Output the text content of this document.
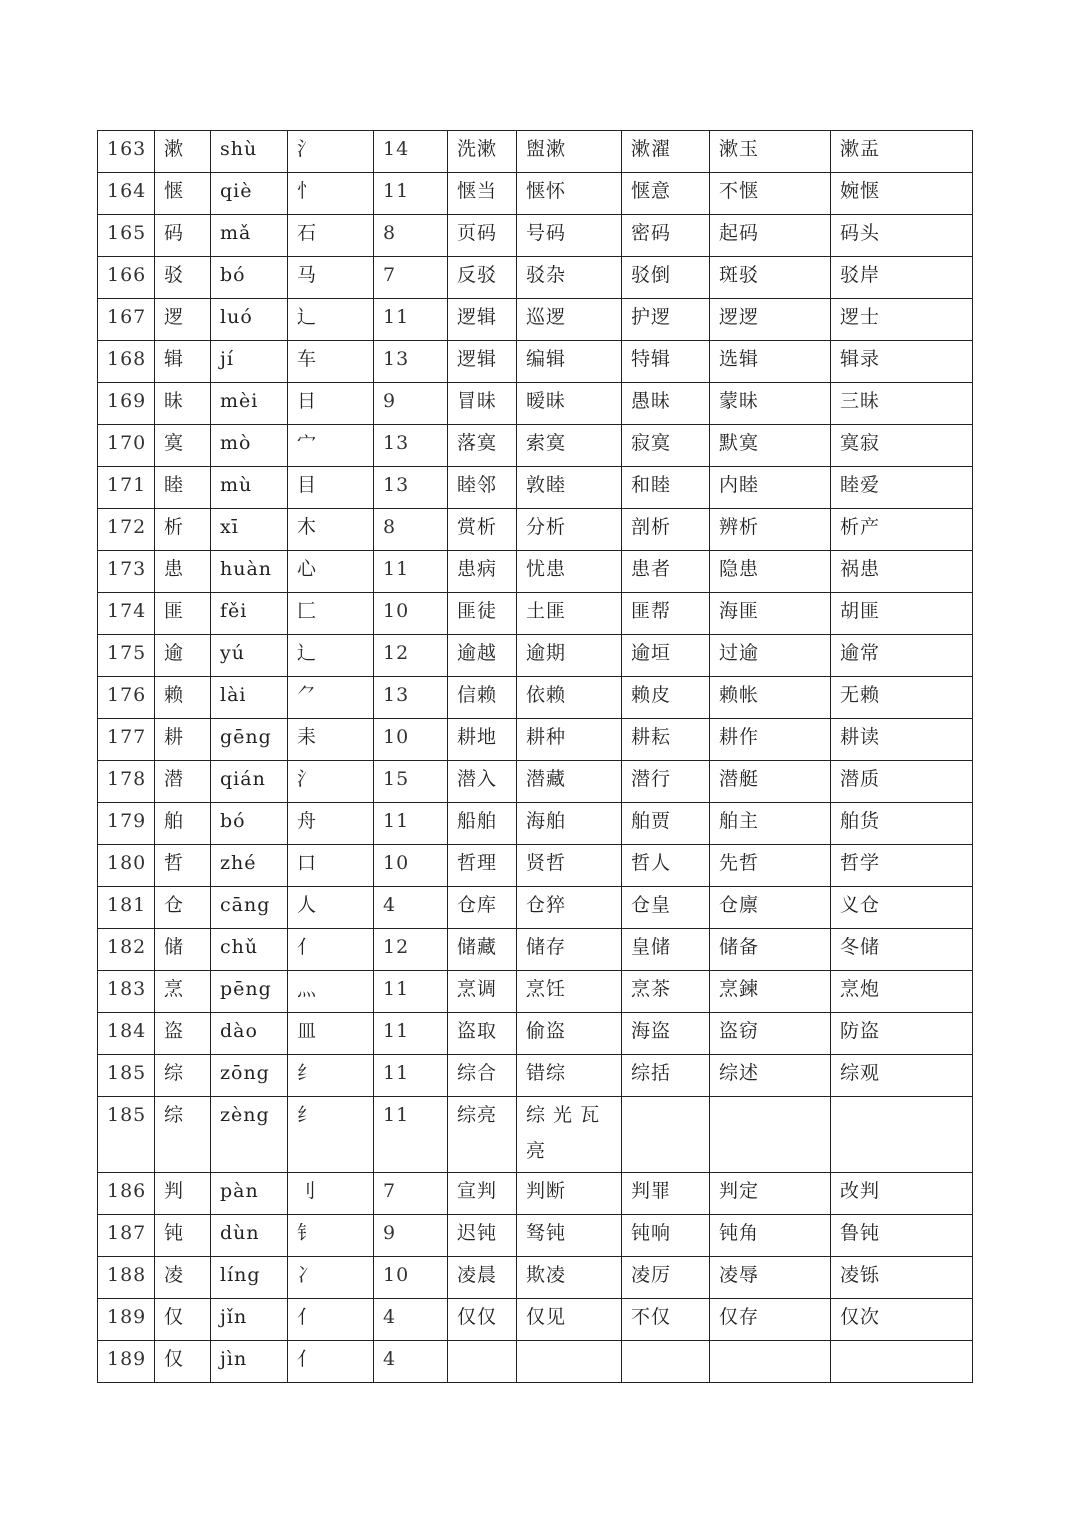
163	漱	shù	氵	14	洗漱	盥漱	漱濯	漱玉	漱盂
164	惬	qiè	忄	11	惬当	惬怀	惬意	不惬	婉惬
165	码	mǎ	石	8	页码	号码	密码	起码	码头
166	驳	bó	马	7	反驳	驳杂	驳倒	斑驳	驳岸
167	逻	luó	辶	11	逻辑	巡逻	护逻	逻逻	逻士
168	辑	jí	车	13	逻辑	编辑	特辑	选辑	辑录
169	昧	mèi	日	9	冒昧	暧昧	愚昧	蒙昧	三昧
170	寞	mò	宀	13	落寞	索寞	寂寞	默寞	寞寂
171	睦	mù	目	13	睦邻	敦睦	和睦	内睦	睦爱
172	析	xī	木	8	赏析	分析	剖析	辨析	析产
173	患	huàn	心	11	患病	忧患	患者	隐患	祸患
174	匪	fěi	匚	10	匪徒	土匪	匪帮	海匪	胡匪
175	逾	yú	辶	12	逾越	逾期	逾垣	过逾	逾常
176	赖	lài	⺈	13	信赖	依赖	赖皮	赖帐	无赖
177	耕	gēng	耒	10	耕地	耕种	耕耘	耕作	耕读
178	潜	qián	氵	15	潜入	潜藏	潜行	潜艇	潜质
179	舶	bó	舟	11	船舶	海舶	舶贾	舶主	舶货
180	哲	zhé	口	10	哲理	贤哲	哲人	先哲	哲学
181	仓	cāng	人	4	仓库	仓猝	仓皇	仓廪	义仓
182	储	chǔ	亻	12	储藏	储存	皇储	储备	冬储
183	烹	pēng	灬	11	烹调	烹饪	烹茶	烹鍊	烹炮
184	盗	dào	皿	11	盗取	偷盗	海盗	盗窃	防盗
185	综	zōng	纟	11	综合	错综	综括	综述	综观
185	综	zèng	纟	11	综亮	综 光 瓦 亮			
186	判	pàn	刂	7	宣判	判断	判罪	判定	改判
187	钝	dùn	钅	9	迟钝	驽钝	钝响	钝角	鲁钝
188	凌	líng	冫	10	凌晨	欺凌	凌厉	凌辱	凌铄
189	仅	jǐn	亻	4	仅仅	仅见	不仅	仅存	仅次
189	仅	jìn	亻	4					
